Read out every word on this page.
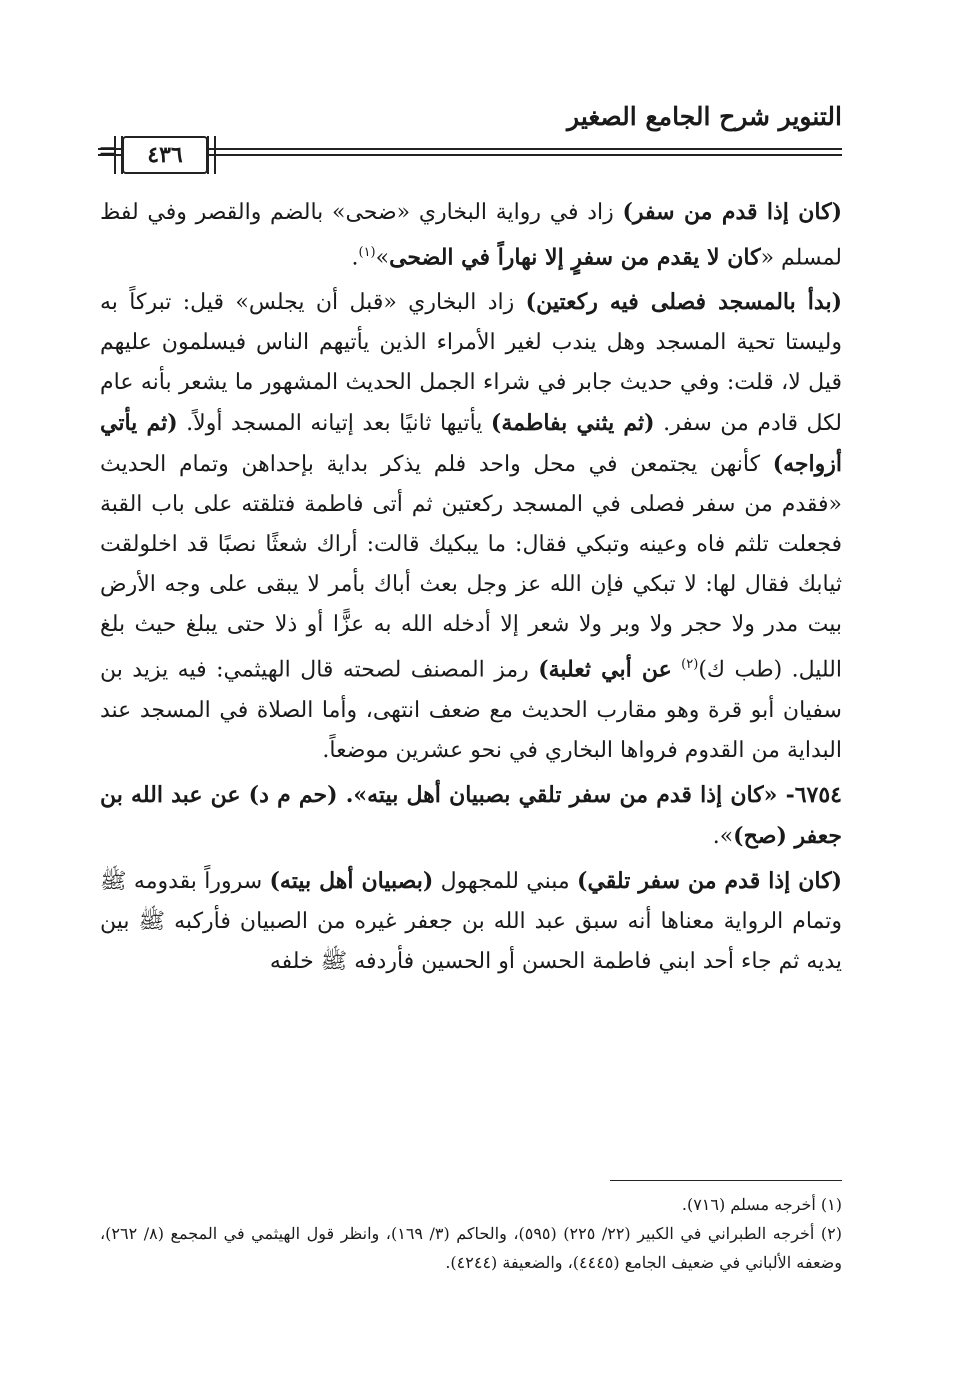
التنوير شرح الجامع الصغير
=	٤٣٦

(كان إذا قدم من سفر) زاد في رواية البخاري «ضحى» بالضم والقصر وفي لفظ لمسلم «كان لا يقدم من سفرٍ إلا نهاراً في الضحى»$^{(١)}$.

(بدأ بالمسجد فصلى فيه ركعتين) زاد البخاري «قبل أن يجلس» قيل: تبركاً به وليستا تحية المسجد وهل يندب لغير الأمراء الذين يأتيهم الناس فيسلمون عليهم قيل لا، قلت: وفي حديث جابر في شراء الجمل الحديث المشهور ما يشعر بأنه عام لكل قادم من سفر. (ثم يثني بفاطمة) يأتيها ثانيًا بعد إتيانه المسجد أولاً. (ثم يأتي أزواجه) كأنهن يجتمعن في محل واحد فلم يذكر بداية بإحداهن وتمام الحديث «فقدم من سفر فصلى في المسجد ركعتين ثم أتى فاطمة فتلقته على باب القبة فجعلت تلثم فاه وعينه وتبكي فقال: ما يبكيك قالت: أراك شعثًا نصبًا قد اخلولقت ثيابك فقال لها: لا تبكي فإن الله عز وجل بعث أباك بأمر لا يبقى على وجه الأرض بيت مدر ولا حجر ولا وبر ولا شعر إلا أدخله الله به عزًّا أو ذلا حتى يبلغ حيث بلغ الليل. (طب ك)$^{(٢)}$ عن أبي ثعلبة) رمز المصنف لصحته قال الهيثمي: فيه يزيد بن سفيان أبو قرة وهو مقارب الحديث مع ضعف انتهى، وأما الصلاة في المسجد عند البداية من القدوم فرواها البخاري في نحو عشرين موضعاً.

٦٧٥٤- «كان إذا قدم من سفر تلقي بصبيان أهل بيته». (حم م د) عن عبد الله بن جعفر (صح)».

(كان إذا قدم من سفر تلقي) مبني للمجهول (بصبيان أهل بيته) سروراً بقدومه ﷺ وتمام الرواية معناها أنه سبق عبد الله بن جعفر غيره من الصبيان فأركبه ﷺ بين يديه ثم جاء أحد ابني فاطمة الحسن أو الحسين فأردفه ﷺ خلفه

(١) أخرجه مسلم (٧١٦).

(٢) أخرجه الطبراني في الكبير (٢٢/ ٢٢٥) (٥٩٥)، والحاكم (٣/ ١٦٩)، وانظر قول الهيثمي في المجمع (٨/ ٢٦٢)، وضعفه الألباني في ضعيف الجامع (٤٤٤٥)، والضعيفة (٤٢٤٤).
